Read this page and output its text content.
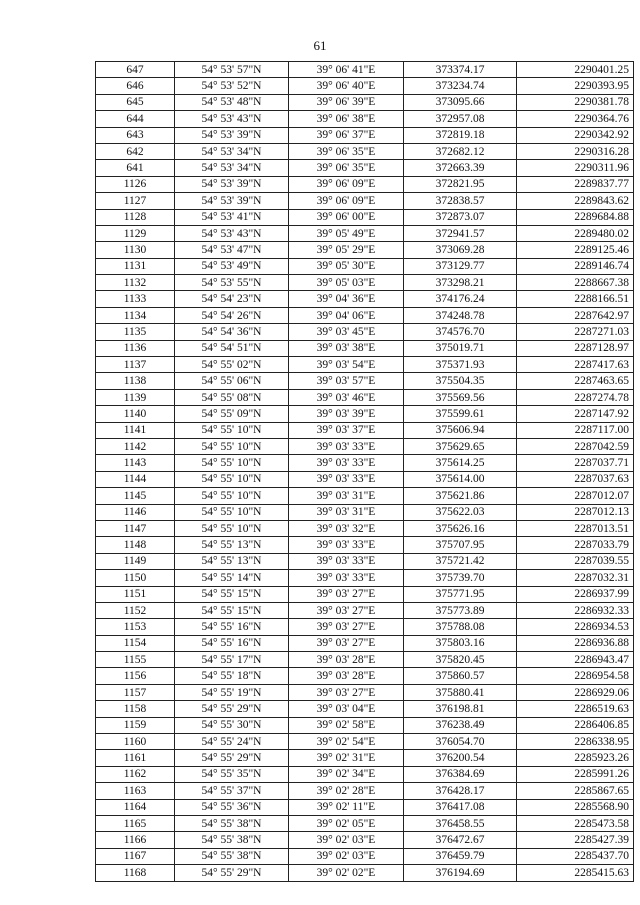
61
647	54° 53' 57"N	39° 06' 41"E	373374.17	2290401.25
646	54° 53' 52"N	39° 06' 40"E	373234.74	2290393.95
645	54° 53' 48"N	39° 06' 39"E	373095.66	2290381.78
644	54° 53' 43"N	39° 06' 38"E	372957.08	2290364.76
643	54° 53' 39"N	39° 06' 37"E	372819.18	2290342.92
642	54° 53' 34"N	39° 06' 35"E	372682.12	2290316.28
641	54° 53' 34"N	39° 06' 35"E	372663.39	2290311.96
1126	54° 53' 39"N	39° 06' 09"E	372821.95	2289837.77
1127	54° 53' 39"N	39° 06' 09"E	372838.57	2289843.62
1128	54° 53' 41"N	39° 06' 00"E	372873.07	2289684.88
1129	54° 53' 43"N	39° 05' 49"E	372941.57	2289480.02
1130	54° 53' 47"N	39° 05' 29"E	373069.28	2289125.46
1131	54° 53' 49"N	39° 05' 30"E	373129.77	2289146.74
1132	54° 53' 55"N	39° 05' 03"E	373298.21	2288667.38
1133	54° 54' 23"N	39° 04' 36"E	374176.24	2288166.51
1134	54° 54' 26"N	39° 04' 06"E	374248.78	2287642.97
1135	54° 54' 36"N	39° 03' 45"E	374576.70	2287271.03
1136	54° 54' 51"N	39° 03' 38"E	375019.71	2287128.97
1137	54° 55' 02"N	39° 03' 54"E	375371.93	2287417.63
1138	54° 55' 06"N	39° 03' 57"E	375504.35	2287463.65
1139	54° 55' 08"N	39° 03' 46"E	375569.56	2287274.78
1140	54° 55' 09"N	39° 03' 39"E	375599.61	2287147.92
1141	54° 55' 10"N	39° 03' 37"E	375606.94	2287117.00
1142	54° 55' 10"N	39° 03' 33"E	375629.65	2287042.59
1143	54° 55' 10"N	39° 03' 33"E	375614.25	2287037.71
1144	54° 55' 10"N	39° 03' 33"E	375614.00	2287037.63
1145	54° 55' 10"N	39° 03' 31"E	375621.86	2287012.07
1146	54° 55' 10"N	39° 03' 31"E	375622.03	2287012.13
1147	54° 55' 10"N	39° 03' 32"E	375626.16	2287013.51
1148	54° 55' 13"N	39° 03' 33"E	375707.95	2287033.79
1149	54° 55' 13"N	39° 03' 33"E	375721.42	2287039.55
1150	54° 55' 14"N	39° 03' 33"E	375739.70	2287032.31
1151	54° 55' 15"N	39° 03' 27"E	375771.95	2286937.99
1152	54° 55' 15"N	39° 03' 27"E	375773.89	2286932.33
1153	54° 55' 16"N	39° 03' 27"E	375788.08	2286934.53
1154	54° 55' 16"N	39° 03' 27"E	375803.16	2286936.88
1155	54° 55' 17"N	39° 03' 28"E	375820.45	2286943.47
1156	54° 55' 18"N	39° 03' 28"E	375860.57	2286954.58
1157	54° 55' 19"N	39° 03' 27"E	375880.41	2286929.06
1158	54° 55' 29"N	39° 03' 04"E	376198.81	2286519.63
1159	54° 55' 30"N	39° 02' 58"E	376238.49	2286406.85
1160	54° 55' 24"N	39° 02' 54"E	376054.70	2286338.95
1161	54° 55' 29"N	39° 02' 31"E	376200.54	2285923.26
1162	54° 55' 35"N	39° 02' 34"E	376384.69	2285991.26
1163	54° 55' 37"N	39° 02' 28"E	376428.17	2285867.65
1164	54° 55' 36"N	39° 02' 11"E	376417.08	2285568.90
1165	54° 55' 38"N	39° 02' 05"E	376458.55	2285473.58
1166	54° 55' 38"N	39° 02' 03"E	376472.67	2285427.39
1167	54° 55' 38"N	39° 02' 03"E	376459.79	2285437.70
1168	54° 55' 29"N	39° 02' 02"E	376194.69	2285415.63
